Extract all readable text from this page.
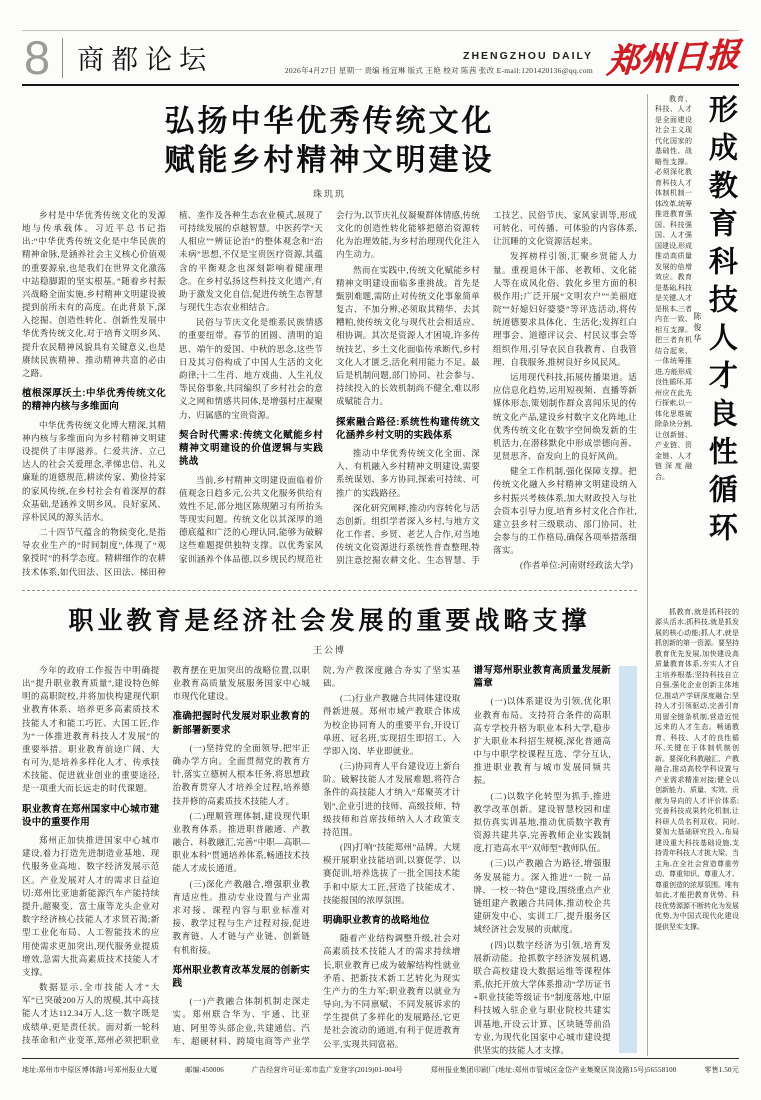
8	商都论坛	ZHENGZHOU DAILY
2026年4月27日 星期一 责编 杨宜琳 版式 王艳 校对 陈茜 张改 E-mail:1201420136@qq.com 郑州日报
弘扬中华优秀传统文化
赋能乡村精神文明建设
珠玑玑

乡村是中华优秀传统文化的发源地与传承载体。习近平总书记指出:“中华优秀传统文化是中华民族的精神命脉,是涵养社会主义核心价值观的重要源泉,也是我们在世界文化激荡中站稳脚跟的坚实根基。”随着乡村振兴战略全面实施,乡村精神文明建设被提到前所未有的高度。在此背景下,深入挖掘、创造性转化、创新性发展中华优秀传统文化,对于培育文明乡风、提升农民精神风貌具有关键意义,也是赓续民族精神、推动精神共富的必由之路。

植根深厚沃土:中华优秀传统文化的精神内核与多维面向

中华优秀传统文化博大精深,其精神内核与多维面向为乡村精神文明建设提供了丰厚滋养。仁爱共济、立己达人的社会关爱理念,孝悌忠信、礼义廉耻的道德规范,耕读传家、勤俭持家的家风传统,在乡村社会有着深厚的群众基础,是涵养文明乡风、良好家风、淳朴民风的源头活水。

二十四节气蕴含的物候变化,是指导农业生产的“时间制度”,体现了“观象授时”的科学态度。精耕细作的农耕技术体系,如代田法、区田法、梯田种植、垄作及各种生态农业模式,展现了可持续发展的卓越智慧。中医药学“天人相应”“辨证论治”的整体观念和“治未病”思想,不仅是宝贵医疗资源,其蕴含的平衡观念也深刻影响着健康理念。在乡村弘扬这些科技文化遗产,有助于激发文化自信,促进传统生态智慧与现代生态农业相结合。

民俗与节庆文化是维系民族情感的重要纽带。春节的团圆、清明的追思、端午的爱国、中秋的思念,这些节日及其习俗构成了中国人生活的文化韵律;十二生肖、地方戏曲、人生礼仪等民俗事象,共同编织了乡村社会的意义之网和情感共同体,是增强村庄凝聚力、归属感的宝贵资源。

契合时代需求:传统文化赋能乡村精神文明建设的价值逻辑与实践挑战

当前,乡村精神文明建设面临着价值观念日趋多元,公共文化服务供给有效性不足,部分地区陈规陋习有所抬头等现实问题。传统文化以其深厚的道德底蕴和广泛的心理认同,能够为破解这些难题提供独特支撑。以优秀家风家训涵养个体品德,以乡规民约规范社会行为,以节庆礼仪凝聚群体情感,传统文化的创造性转化能够把德治资源转化为治理效能,为乡村治理现代化注入内生动力。

然而在实践中,传统文化赋能乡村精神文明建设面临多重挑战。首先是甄别难题,需防止对传统文化事象简单复古、不加分辨,必须取其精华、去其糟粕,使传统文化与现代社会相适应、相协调。其次是资源人才困境,许多传统技艺、乡土文化面临传承断代,乡村文化人才匮乏,活化利用能力不足。最后是机制问题,部门协同、社会参与、持续投入的长效机制尚不健全,难以形成赋能合力。

探索融合路径:系统性构建传统文化涵养乡村文明的实践体系

推动中华优秀传统文化全面、深入、有机融入乡村精神文明建设,需要系统谋划、多方协同,探索可持续、可推广的实践路径。

深化研究阐释,推动内容转化与活态创新。组织学者深入乡村,与地方文化工作者、乡贤、老艺人合作,对当地传统文化资源进行系统性普查整理,特别注意挖掘农耕文化、生态智慧、手工技艺、民俗节庆、家风家训等,形成可转化、可传播、可体验的内容体系,让沉睡的文化资源活起来。

发挥榜样引领,汇聚乡贤能人力量。重视退休干部、老教师、文化能人等在成风化俗、敦化乡里方面的积极作用;广泛开展“文明农户”“美丽庭院”“好媳妇好婆婆”等评选活动,将传统道德要求具体化、生活化;发挥红白理事会、道德评议会、村民议事会等组织作用,引导农民自我教育、自我管理、自我服务,推树良好乡风民风。

运用现代科技,拓展传播渠道。适应信息化趋势,运用短视频、直播等新媒体形态,策划制作群众喜闻乐见的传统文化产品,建设乡村数字文化阵地,让优秀传统文化在数字空间焕发新的生机活力,在潜移默化中形成崇德向善、见贤思齐、奋发向上的良好风尚。

健全工作机制,强化保障支撑。把传统文化融入乡村精神文明建设纳入乡村振兴考核体系,加大财政投入与社会资本引导力度,培育乡村文化合作社,建立县乡村三级联动、部门协同、社会参与的工作格局,确保各项举措落细落实。

(作者单位:河南财经政法大学)

职业教育是经济社会发展的重要战略支撑
王公博

今年的政府工作报告中明确提出“提升职业教育质量”,建设特色鲜明的高职院校,并将加快构建现代职业教育体系、培养更多高素质技术技能人才和能工巧匠、大国工匠,作为“一体推进教育科技人才发展”的重要举措。职业教育前途广阔、大有可为,是培养多样化人才、传承技术技能、促进就业创业的重要途径,是一项重大而长远走的时代课题。

职业教育在郑州国家中心城市建设中的重要作用

郑州正加快推进国家中心城市建设,着力打造先进制造业基地、现代服务业高地、数字经济发展示范区。产业发展对人才的需求日益迫切:郑州比亚迪新能源汽车产能持续提升,超聚变、富士康等龙头企业对数字经济核心技能人才求贤若渴;新型工业化布局、人工智能技术的应用使需求更加突出,现代服务业提质增效,急需大批高素质技术技能人才支撑。

数据显示,全市技能人才“大军”已突破200万人的规模,其中高技能人才达112.34万人,这一数字既是成绩单,更是责任状。面对新一轮科技革命和产业变革,郑州必须把职业教育摆在更加突出的战略位置,以职业教育高质量发展服务国家中心城市现代化建设。

准确把握时代发展对职业教育的新部署新要求

(一)坚持党的全面领导,把牢正确办学方向。全面贯彻党的教育方针,落实立德树人根本任务,将思想政治教育贯穿人才培养全过程,培养德技并修的高素质技术技能人才。

(二)理顺管理体制,建设现代职业教育体系。推进职普融通、产教融合、科教融汇,完善“中职—高职—职业本科”贯通培养体系,畅通技术技能人才成长通道。

(三)深化产教融合,增强职业教育适应性。推动专业设置与产业需求对接、课程内容与职业标准对接、教学过程与生产过程对接,促进教育链、人才链与产业链、创新链有机衔接。

郑州职业教育改革发展的创新实践

(一)产教融合体制机制走深走实。郑州联合华为、宇通、比亚迪、阿里等头部企业,共建通信、汽车、超硬材料、跨境电商等产业学院,为产教深度融合夯实了坚实基础。

(二)行业产教融合共同体建设取得新进展。郑州市域产教联合体成为校企协同育人的重要平台,开设订单班、冠名班,实现招生即招工、入学即入岗、毕业即就业。

(三)协同育人平台建设迈上新台阶。破解技能人才发展难题,将符合条件的高技能人才纳入“郑聚英才计划”,企业引进的技师、高级技师、特级技师和首席技师纳入人才政策支持范围。

(四)打响“技能郑州”品牌。大规模开展职业技能培训,以赛促学、以赛促训,培养选拔了一批全国技术能手和中原大工匠,营造了技能成才、技能报国的浓厚氛围。

明确职业教育的战略地位

随着产业结构调整升级,社会对高素质技术技能人才的需求持续增长,职业教育已成为破解结构性就业矛盾、把新技术新工艺转化为现实生产力的生力军;职业教育以就业为导向,为不同禀赋、不同发展诉求的学生提供了多样化的发展路径,它更是社会流动的通道,有利于促进教育公平,实现共同富裕。

谱写郑州职业教育高质量发展新篇章

(一)以体系建设为引领,优化职业教育布局。支持符合条件的高职高专学校升格为职业本科大学,稳步扩大职业本科招生规模,深化普通高中与中职学校课程互选、学分互认,推进职业教育与城市发展同频共振。

(二)以数字化转型为抓手,推进教学改革创新。建设智慧校园和虚拟仿真实训基地,推动优质数字教育资源共建共享,完善教师企业实践制度,打造高水平“双师型”教师队伍。

(三)以产教融合为路径,增强服务发展能力。深入推进“一院一品牌、一校一特色”建设,围绕重点产业链组建产教融合共同体,推动校企共建研发中心、实训工厂,提升服务区域经济社会发展的贡献度。

(四)以数字经济为引领,培育发展新动能。抢抓数字经济发展机遇,联合高校建设大数据运维等课程体系,依托开放大学体系推动“学历证书+职业技能等级证书”制度落地,中原科技城入驻企业与职业院校共建实训基地,开设云计算、区块链等前沿专业,为现代化国家中心城市建设提供坚实的技能人才支撑。

教育、科技、人才是全面建设社会主义现代化国家的基础性、战略性支撑。必须深化教育科技人才体制机制一体改革,统筹推进教育强国、科技强国、人才强国建设,形成推动高质量发展的倍增效应。教育是基础,科技是关键,人才是根本,三者内在一致、相互支撑。把三者有机结合起来、一体统筹推进,方能形成良性循环,郑州应在此先行探索,以一体化思维破除条块分割,让创新链、产业链、资金链、人才链深度融合。

陈俊华 形成教育科技人才良性循环

抓教育,就是抓科技的源头活水;抓科技,就是抓发展的核心动能;抓人才,就是抓创新的第一资源。要坚持教育优先发展,加快建设高质量教育体系,夯实人才自主培养根基;坚持科技自立自强,强化企业创新主体地位,推动产学研深度融合;坚持人才引领驱动,完善引育用留全链条机制,营造近悦远来的人才生态。畅通教育、科技、人才的良性循环,关键在于体制机制创新。要深化科教融汇、产教融合,推动高校学科设置与产业需求精准对接;健全以创新能力、质量、实效、贡献为导向的人才评价体系;完善科技成果转化机制,让科研人员名利双收。同时,要加大基础研究投入,布局建设重大科技基础设施,支持青年科技人才挑大梁、当主角,在全社会营造尊重劳动、尊重知识、尊重人才、尊重创造的浓厚氛围。唯有如此,才能把教育优势、科技优势源源不断转化为发展优势,为中国式现代化建设提供坚实支撑。

地址:郑州市中原区博体路1号郑州报业大厦	邮编:450006	广告经营许可证:郑市监广发登字(2019)01-004号	郑州报业集团印刷厂(地址:郑州市管城区金岱产业集聚区岗凌路15号)56558100	零售1.50元
